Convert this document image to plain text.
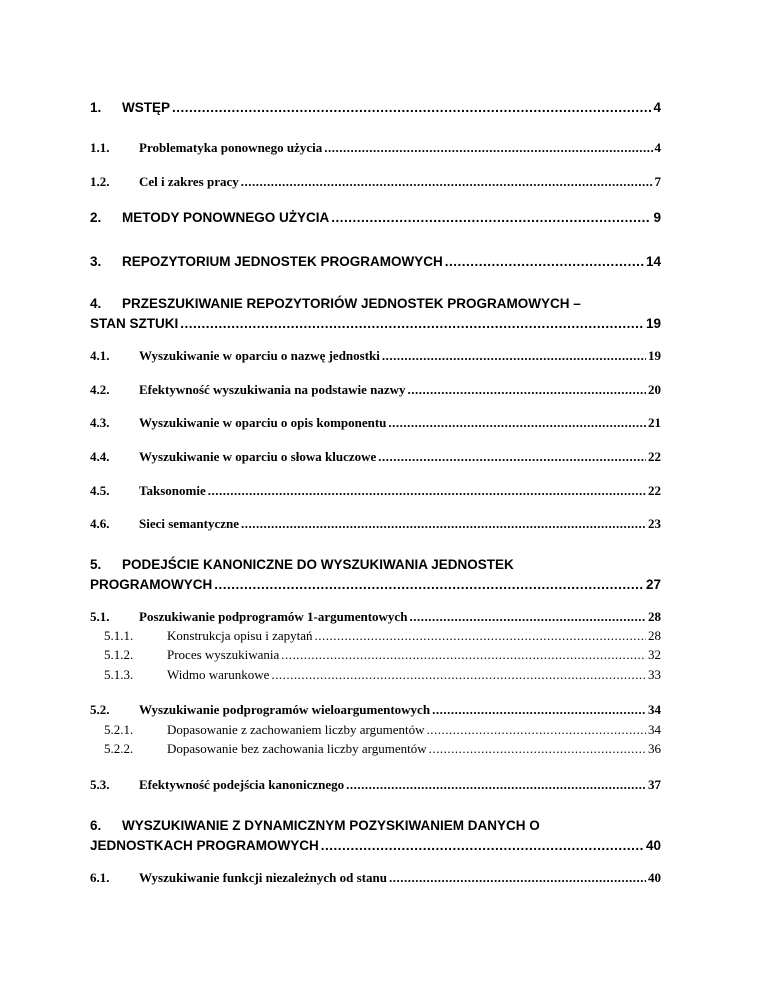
1.	WSTĘP .....	4
1.1.	Problematyka ponownego użycia .....	4
1.2.	Cel i zakres pracy .....	7
2.	METODY PONOWNEGO UŻYCIA .....	9
3.	REPOZYTORIUM JEDNOSTEK PROGRAMOWYCH .....	14
4.	PRZESZUKIWANIE REPOZYTORIÓW JEDNOSTEK PROGRAMOWYCH –
STAN SZTUKI .....	19
4.1.	Wyszukiwanie w oparciu o nazwę jednostki .....	19
4.2.	Efektywność wyszukiwania na podstawie nazwy .....	20
4.3.	Wyszukiwanie w oparciu o opis komponentu .....	21
4.4.	Wyszukiwanie w oparciu o słowa kluczowe .....	22
4.5.	Taksonomie .....	22
4.6.	Sieci semantyczne .....	23
5.	PODEJŚCIE KANONICZNE DO WYSZUKIWANIA JEDNOSTEK
PROGRAMOWYCH .....	27
5.1.	Poszukiwanie podprogramów 1-argumentowych .....	28
5.1.1.	Konstrukcja opisu i zapytań .....	28
5.1.2.	Proces wyszukiwania .....	32
5.1.3.	Widmo warunkowe .....	33
5.2.	Wyszukiwanie podprogramów wieloargumentowych .....	34
5.2.1.	Dopasowanie z zachowaniem liczby argumentów .....	34
5.2.2.	Dopasowanie bez zachowania liczby argumentów .....	36
5.3.	Efektywność podejścia kanonicznego .....	37
6.	WYSZUKIWANIE Z DYNAMICZNYM POZYSKIWANIEM DANYCH O
JEDNOSTKACH PROGRAMOWYCH .....	40
6.1.	Wyszukiwanie funkcji niezależnych od stanu .....	40
